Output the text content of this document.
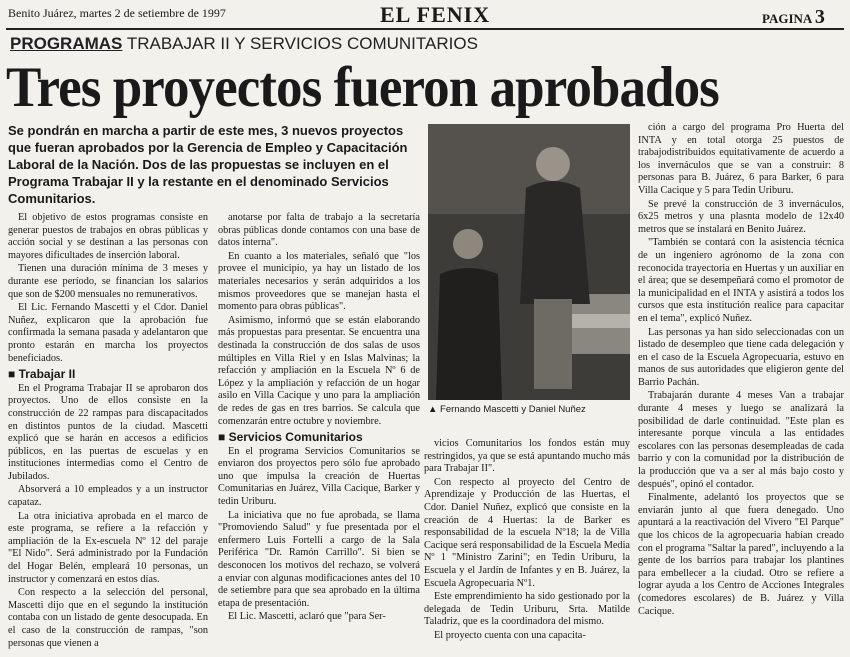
Benito Juárez, martes 2 de setiembre de 1997	EL FENIX	PAGINA 3
PROGRAMAS TRABAJAR II Y SERVICIOS COMUNITARIOS
Tres proyectos fueron aprobados
Se pondrán en marcha a partir de este mes, 3 nuevos proyectos que fueran aprobados por la Gerencia de Empleo y Capacitación Laboral de la Nación. Dos de las propuestas se incluyen en el Programa Trabajar II y la restante en el denominado Servicios Comunitarios.

El objetivo de estos programas consiste en generar puestos de trabajos en obras públicas y acción social y se destinan a las personas con mayores dificultades de inserción laboral.

Tienen una duración mínima de 3 meses y durante ese período, se financian los salarios que son de $200 mensuales no remunerativos.

El Lic. Fernando Mascetti y el Cdor. Daniel Nuñez, explicaron que la aprobación fue confirmada la semana pasada y adelantaron que pronto estarán en marcha los proyectos beneficiados.

■ Trabajar II

En el Programa Trabajar II se aprobaron dos proyectos. Uno de ellos consiste en la construcción de 22 rampas para discapacitados en distintos puntos de la ciudad. Mascetti explicó que se harán en accesos a edificios públicos, en las puertas de escuelas y en instituciones intermedias como el Centro de Jubilados.

Absorverá a 10 empleados y a un instructor capataz.

La otra iniciativa aprobada en el marco de este programa, se refiere a la refacción y ampliación de la Ex-escuela Nº 12 del paraje "El Nido". Será administrado por la Fundación del Hogar Belén, empleará 10 personas, un instructor y comenzará en estos días.

Con respecto a la selección del personal, Mascetti dijo que en el segundo la institución contaba con un listado de gente desocupada. En el caso de la construcción de rampas, "son personas que vienen a

anotarse por falta de trabajo a la secretaría obras públicas donde contamos con una base de datos interna".

En cuanto a los materiales, señaló que "los provee el municipio, ya hay un listado de los materiales necesarios y serán adquiridos a los mismos proveedores que se manejan hasta el momento para obras públicas".

Asimismo, informó que se están elaborando más propuestas para presentar. Se encuentra una destinada la construcción de dos salas de usos múltiples en Villa Riel y en Islas Malvinas; la refacción y ampliación en la Escuela Nº 6 de López y la ampliación y refacción de un hogar asilo en Villa Cacique y uno para la ampliación de redes de gas en tres barrios. Se calcula que comenzarán entre octubre y noviembre.

■ Servicios Comunitarios

En el programa Servicios Comunitarios se enviaron dos proyectos pero sólo fue aprobado uno que impulsa la creación de Huertas Comunitarias en Juárez, Villa Cacique, Barker y tedin Uriburu.

La iniciativa que no fue aprobada, se llama "Promoviendo Salud" y fue presentada por el enfermero Luis Fortelli a cargo de la Sala Periférica "Dr. Ramón Carrillo". Si bien se desconocen los motivos del rechazo, se volverá a enviar con algunas modificaciones antes del 10 de setiembre para que sea aprobado en la última etapa de presentación.

El Lic. Mascetti, aclaró que "para Ser-

▲ Fernando Mascetti y Daniel Nuñez

vicios Comunitarios los fondos están muy restringidos, ya que se está apuntando mucho más para Trabajar II".

Con respecto al proyecto del Centro de Aprendizaje y Producción de las Huertas, el Cdor. Daniel Nuñez, explicó que consiste en la creación de 4 Huertas: la de Barker es responsabilidad de la escuela Nº18; la de Villa Cacique será responsabilidad de la Escuela Media Nº 1 "Ministro Zarini"; en Tedin Uriburu, la Escuela y el Jardín de Infantes y en B. Juárez, la Escuela Agropecuaria Nº1.

Este emprendimiento ha sido gestionado por la delegada de Tedin Uriburu, Srta. Matilde Taladriz, que es la coordinadora del mismo.

El proyecto cuenta con una capacita-

ción a cargo del programa Pro Huerta del INTA y en total otorga 25 puestos de trabajodistribuidos equitativamente de acuerdo a los invernáculos que se van a construir: 8 personas para B. Juárez, 6 para Barker, 6 para Villa Cacique y 5 para Tedin Uriburu.

Se prevé la construcción de 3 invernáculos, 6x25 metros y una plasnta modelo de 12x40 metros que se instalará en Benito Juárez.

"También se contará con la asistencia técnica de un ingeniero agrónomo de la zona con reconocida trayectoria en Huertas y un auxiliar en el área; que se desempeñará como el promotor de la municipalidad en el INTA y asistirá a todos los cursos que esta institución realice para capacitar en el tema", explicó Nuñez.

Las personas ya han sido seleccionadas con un listado de desempleo que tiene cada delegación y en el caso de la Escuela Agropecuaria, estuvo en manos de sus autoridades que eligieron gente del Barrio Pachán.

Trabajarán durante 4 meses Van a trabajar durante 4 meses y luego se analizará la posibilidad de darle continuidad. "Este plan es interesante porque vincula a las entidades escolares con las personas desempleadas de cada barrio y con la comunidad por la distribución de la producción que va a ser al más bajo costo y después", opinó el contador.

Finalmente, adelantó los proyectos que se enviarán junto al que fuera denegado. Uno apuntará a la reactivación del Vivero "El Parque" que los chicos de la agropecuaria habían creado con el programa "Saltar la pared", incluyendo a la gente de los barrios para trabajar los plantines para embellecer a la ciudad. Otro se refiere a lograr ayuda a los Centro de Acciones Integrales (comedores escolares) de B. Juárez y Villa Cacique.
